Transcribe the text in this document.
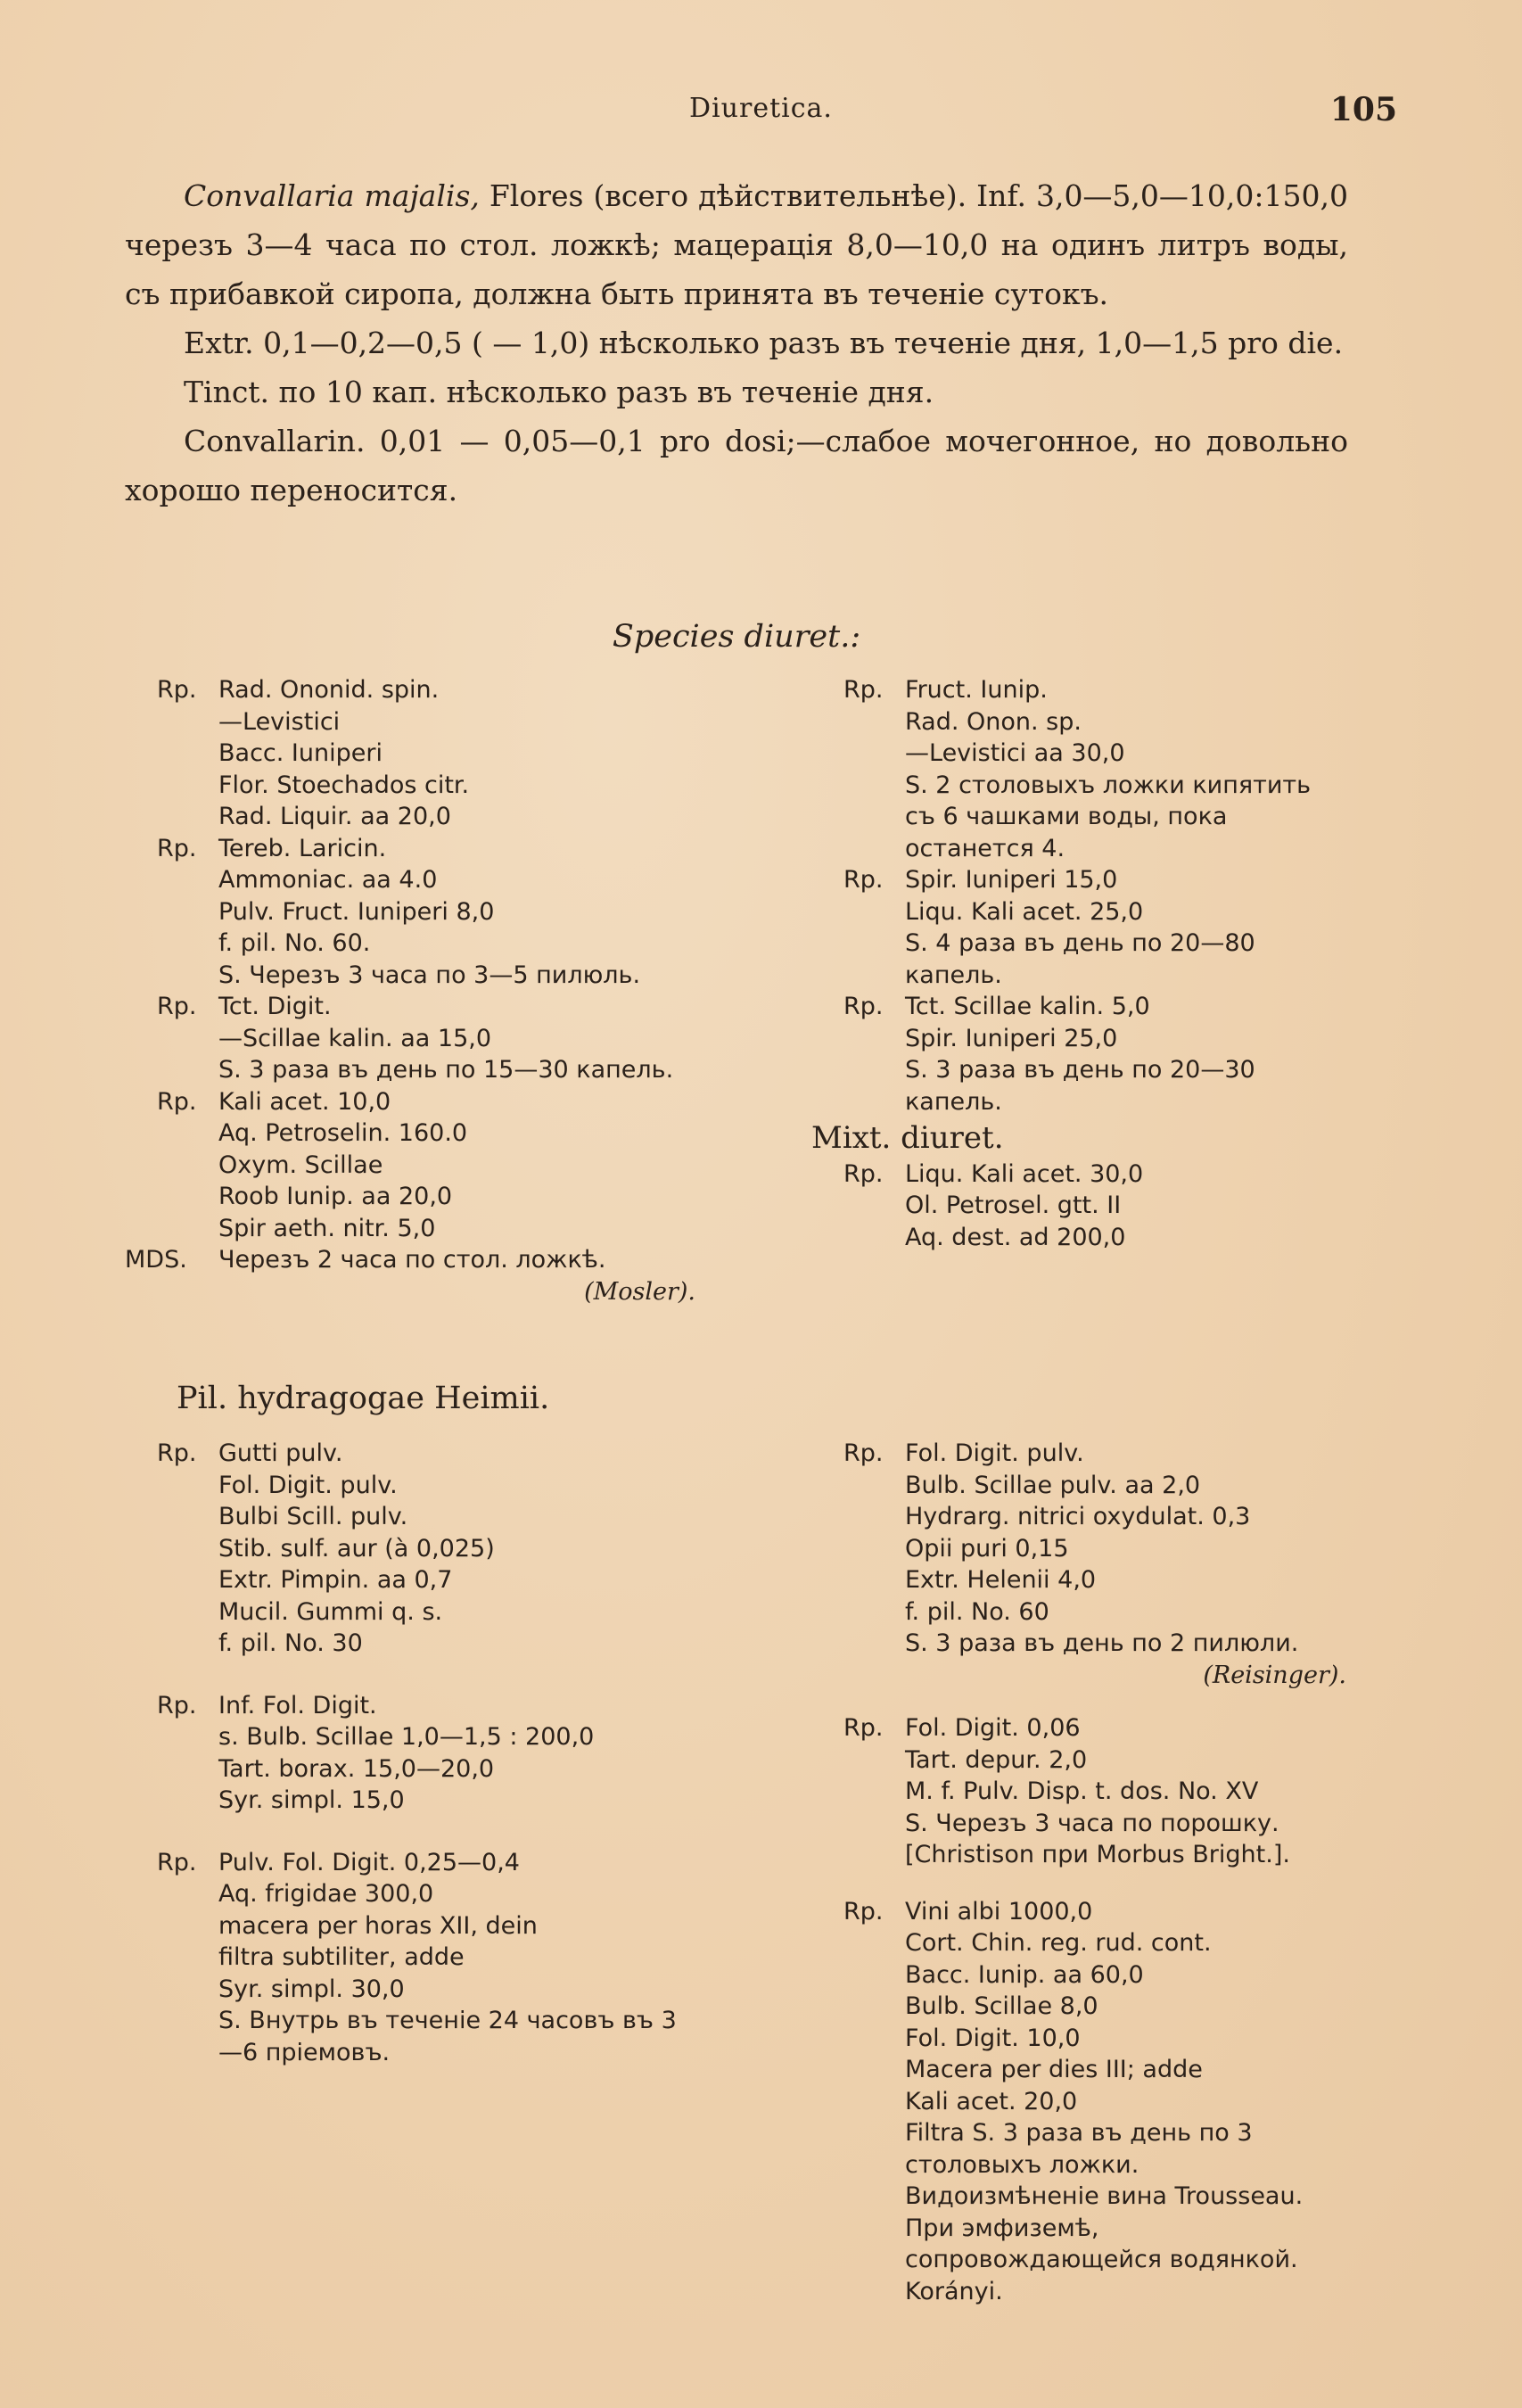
Diuretica.	105

Convallaria majalis, Flores (всего дѣйствительнѣе). Inf. 3,0—5,0—10,0:150,0 черезъ 3—4 часа по стол. ложкѣ; мацерація 8,0—10,0 на одинъ литръ воды, съ прибавкой сиропа, должна быть принята въ теченіе сутокъ.

Extr. 0,1—0,2—0,5 ( — 1,0) нѣсколько разъ въ теченіе дня, 1,0—1,5 pro die.

Tinct. по 10 кап. нѣсколько разъ въ теченіе дня.

Convallarin. 0,01 — 0,05—0,1 pro dosi;—слабое мочегонное, но довольно хорошо переносится.

Species diuret.:
Rp. Rad. Ononid. spin.
—Levistici
Bacc. Iuniperi
Flor. Stoechados citr.
Rad. Liquir. aa 20,0
Rp. Tereb. Laricin.
Ammoniac. aa 4.0
Pulv. Fruct. Iuniperi 8,0
f. pil. No. 60.
S. Черезъ 3 часа по 3—5 пилюль.
Rp. Tct. Digit.
—Scillae kalin. aa 15,0
S. 3 раза въ день по 15—30 капель.
Rp. Kali acet. 10,0
Aq. Petroselin. 160.0
Oxym. Scillae
Roob Iunip. aa 20,0
Spir aeth. nitr. 5,0
MDS. Черезъ 2 часа по стол. ложкѣ.
(Mosler).
Rp. Fruct. Iunip.
Rad. Onon. sp.
—Levistici aa 30,0
S. 2 столовыхъ ложки кипятить съ 6 чашками воды, пока останется 4.
Rp. Spir. Iuniperi 15,0
Liqu. Kali acet. 25,0
S. 4 раза въ день по 20—80 капель.
Rp. Tct. Scillae kalin. 5,0
Spir. Iuniperi 25,0
S. 3 раза въ день по 20—30 капель.
Mixt. diuret.
Rp. Liqu. Kali acet. 30,0
Ol. Petrosel. gtt. II
Aq. dest. ad 200,0
Pil. hydragogae Heimii.
Rp. Gutti pulv.
Fol. Digit. pulv.
Bulbi Scill. pulv.
Stib. sulf. aur (à 0,025)
Extr. Pimpin. aa 0,7
Mucil. Gummi q. s.
f. pil. No. 30
Rp. Inf. Fol. Digit.
s. Bulb. Scillae 1,0—1,5 : 200,0
Tart. borax. 15,0—20,0
Syr. simpl. 15,0
Rp. Pulv. Fol. Digit. 0,25—0,4
Aq. frigidae 300,0
macera per horas XII, dein
filtra subtiliter, adde
Syr. simpl. 30,0
S. Внутрь въ теченіе 24 часовъ въ 3—6 пріемовъ.
Rp. Fol. Digit. pulv.
Bulb. Scillae pulv. aa 2,0
Hydrarg. nitrici oxydulat. 0,3
Opii puri 0,15
Extr. Helenii 4,0
f. pil. No. 60
S. 3 раза въ день по 2 пилюли.
(Reisinger).
Rp. Fol. Digit. 0,06
Tart. depur. 2,0
M. f. Pulv. Disp. t. dos. No. XV
S. Черезъ 3 часа по порошку.
[Christison при Morbus Bright.].
Rp. Vini albi 1000,0
Cort. Chin. reg. rud. cont.
Bacc. Iunip. aa 60,0
Bulb. Scillae 8,0
Fol. Digit. 10,0
Macera per dies III; adde
Kali acet. 20,0
Filtra S. 3 раза въ день по 3 столовыхъ ложки.
Видоизмѣненіе вина Trousseau. При эмфиземѣ, сопровождающейся водянкой. Korányi.
